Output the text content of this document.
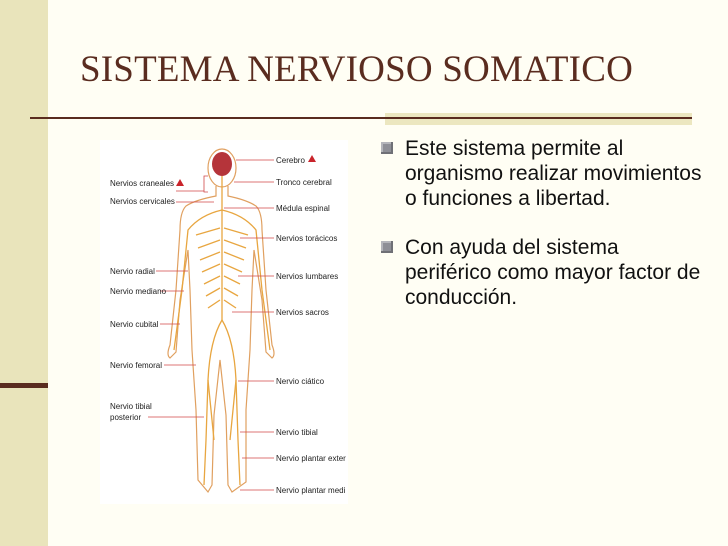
SISTEMA NERVIOSO SOMATICO
Nervios craneales
Nervios cervicales
Nervio radial
Nervio mediano
Nervio cubital
Nervio femoral
Nervio tibial
posterior
Cerebro
Tronco cerebral
Médula espinal
Nervios torácicos
Nervios lumbares
Nervios sacros
Nervio ciático
Nervio tibial
Nervio plantar exter
Nervio plantar medi
Este sistema permite al organismo realizar movimientos o funciones a libertad.
Con ayuda del sistema periférico como mayor factor de conducción.
